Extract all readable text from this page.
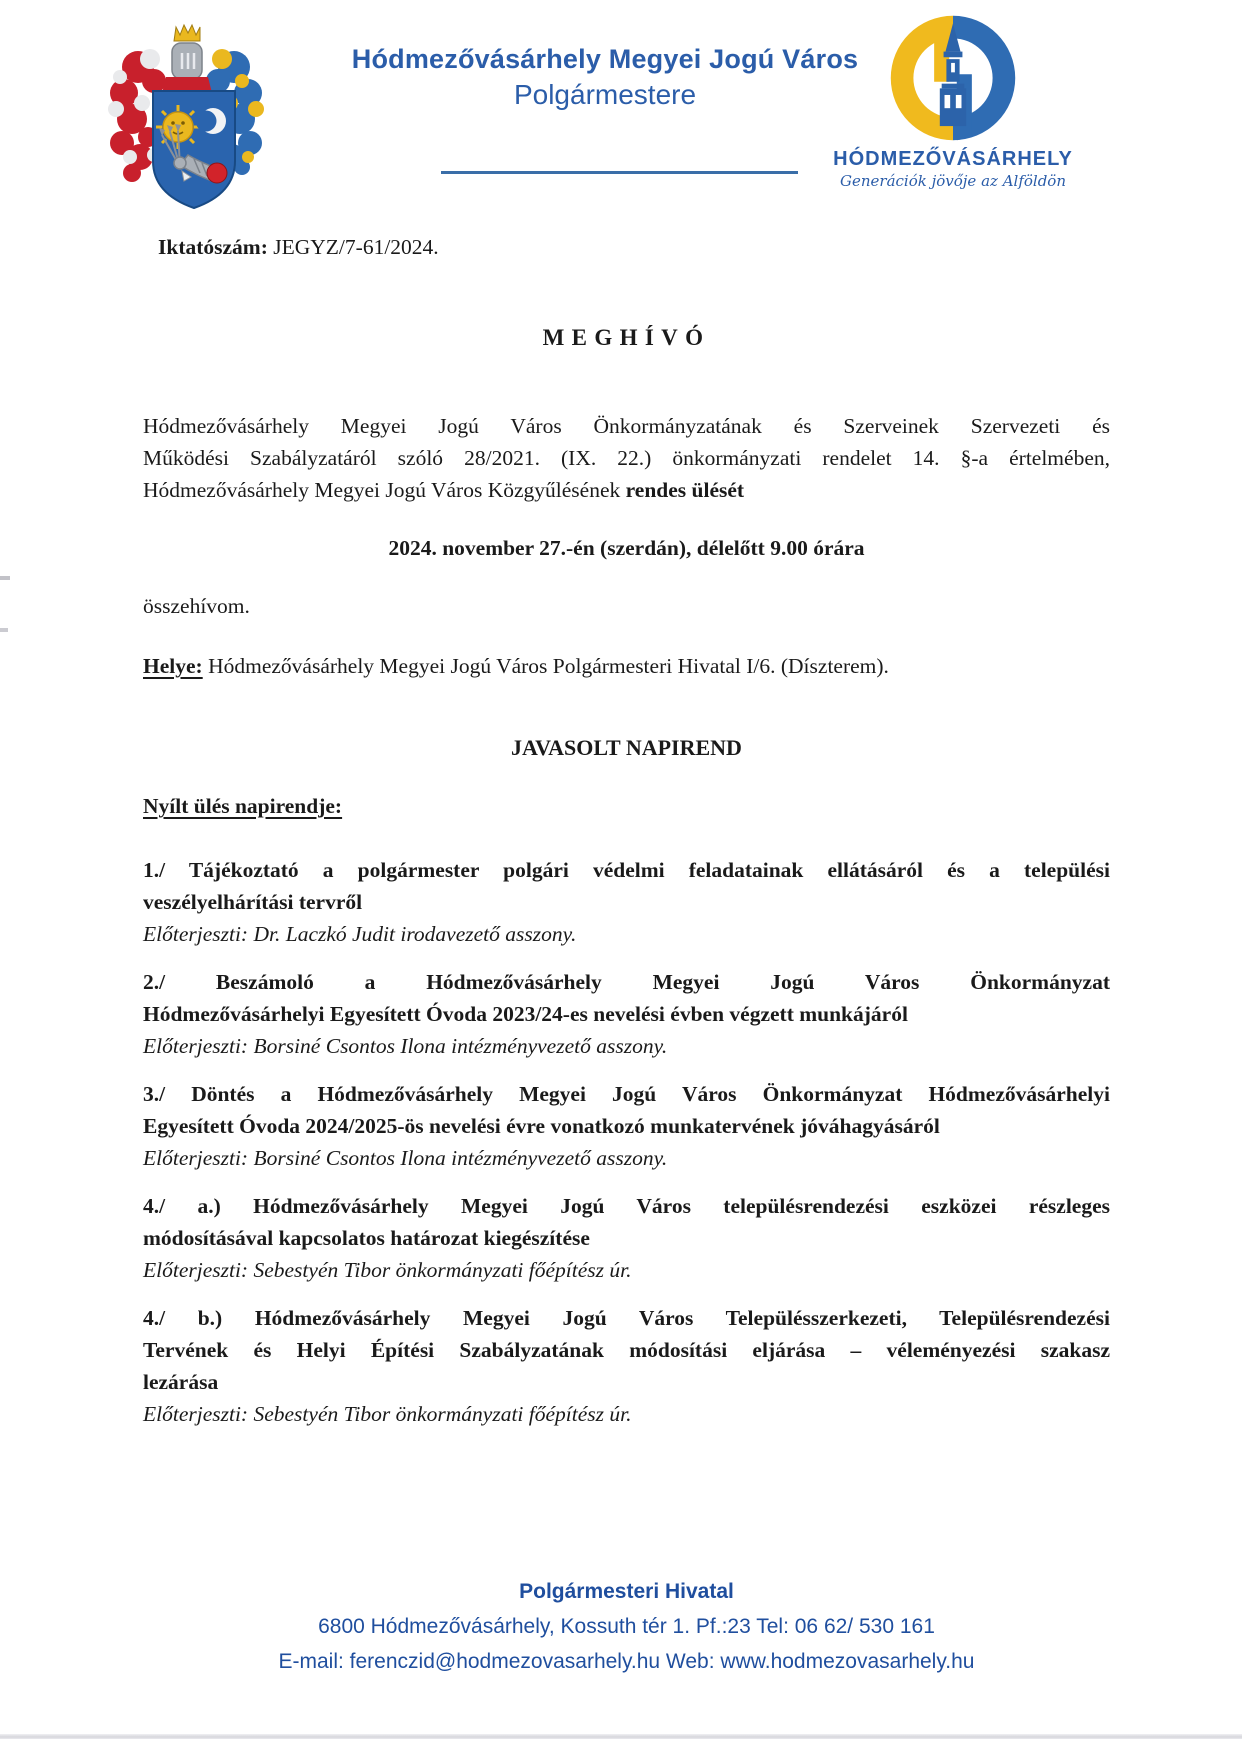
Hódmezővásárhely Megyei Jogú Város
Polgármestere
HÓDMEZŐVÁSÁRHELY
Generációk jövője az Alföldön

Iktatószám: JEGYZ/7-61/2024.

MEGHÍVÓ
Hódmezővásárhely Megyei Jogú Város Önkormányzatának és Szerveinek Szervezeti és
Működési Szabályzatáról szóló 28/2021. (IX. 22.) önkormányzati rendelet 14. §-a értelmében,
Hódmezővásárhely Megyei Jogú Város Közgyűlésének rendes ülését

2024. november 27.-én (szerdán), délelőtt 9.00 órára

összehívom.

Helye: Hódmezővásárhely Megyei Jogú Város Polgármesteri Hivatal I/6. (Díszterem).

JAVASOLT NAPIREND

Nyílt ülés napirendje:

1./ Tájékoztató a polgármester polgári védelmi feladatainak ellátásáról és a települési
veszélyelhárítási tervről

Előterjeszti: Dr. Laczkó Judit irodavezető asszony.

2./ Beszámoló a Hódmezővásárhely Megyei Jogú Város Önkormányzat
Hódmezővásárhelyi Egyesített Óvoda 2023/24-es nevelési évben végzett munkájáról

Előterjeszti: Borsiné Csontos Ilona intézményvezető asszony.

3./ Döntés a Hódmezővásárhely Megyei Jogú Város Önkormányzat Hódmezővásárhelyi
Egyesített Óvoda 2024/2025-ös nevelési évre vonatkozó munkatervének jóváhagyásáról

Előterjeszti: Borsiné Csontos Ilona intézményvezető asszony.

4./ a.) Hódmezővásárhely Megyei Jogú Város településrendezési eszközei részleges
módosításával kapcsolatos határozat kiegészítése

Előterjeszti: Sebestyén Tibor önkormányzati főépítész úr.

4./ b.) Hódmezővásárhely Megyei Jogú Város Településszerkezeti, Településrendezési
Tervének és Helyi Építési Szabályzatának módosítási eljárása – véleményezési szakasz
lezárása

Előterjeszti: Sebestyén Tibor önkormányzati főépítész úr.

Polgármesteri Hivatal
6800 Hódmezővásárhely, Kossuth tér 1. Pf.:23 Tel: 06 62/ 530 161
E-mail: ferenczid@hodmezovasarhely.hu Web: www.hodmezovasarhely.hu
